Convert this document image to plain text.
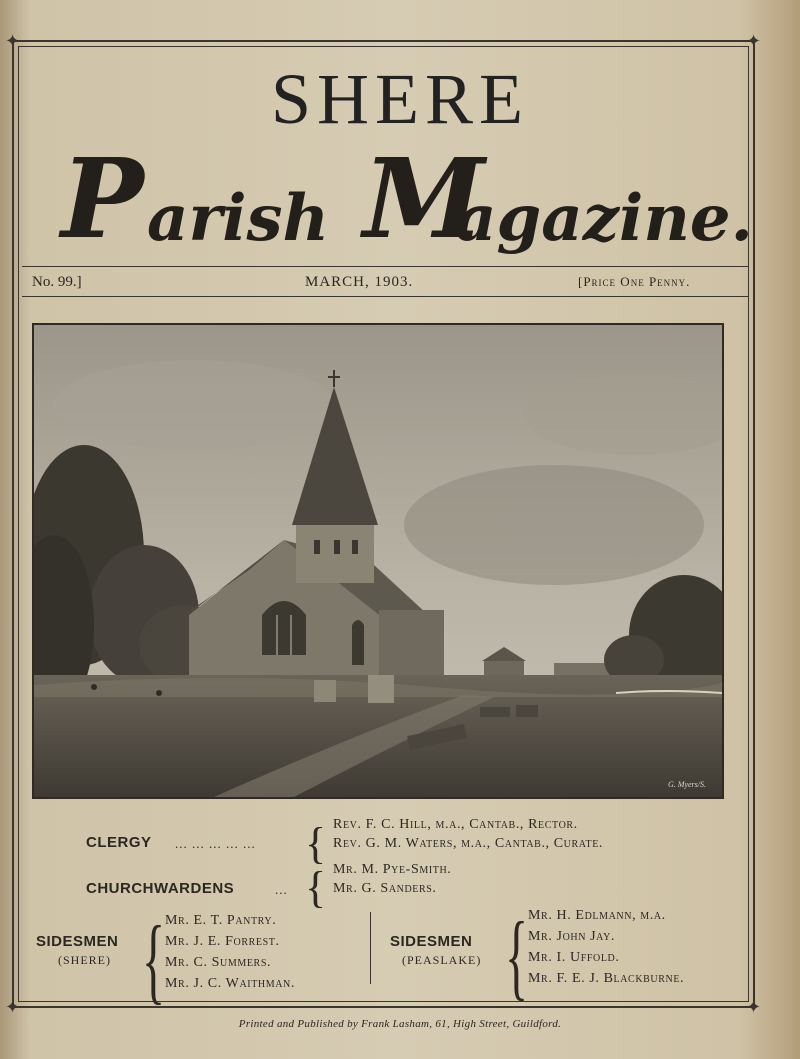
✦	✦
✦	✦
SHERE
P arish M
agazine.
No. 99.]	MARCH, 1903.	[Price One Penny.
G. Myers/S.
CLERGY ... ... ... ... ... { Rev. F. C. Hill, m.a., Cantab., Rector.
Rev. G. M. Waters, m.a., Cantab., Curate.
CHURCHWARDENS	... { Mr. M. Pye-Smith.
Mr. G. Sanders.
SIDESMEN
(SHERE) { Mr. E. T. Pantry.
Mr. J. E. Forrest.
Mr. C. Summers.
Mr. J. C. Waithman.
SIDESMEN
(PEASLAKE) { Mr. H. Edlmann, m.a.
Mr. John Jay.
Mr. I. Uffold.
Mr. F. E. J. Blackburne.
Printed and Published by Frank Lasham, 61, High Street, Guildford.
